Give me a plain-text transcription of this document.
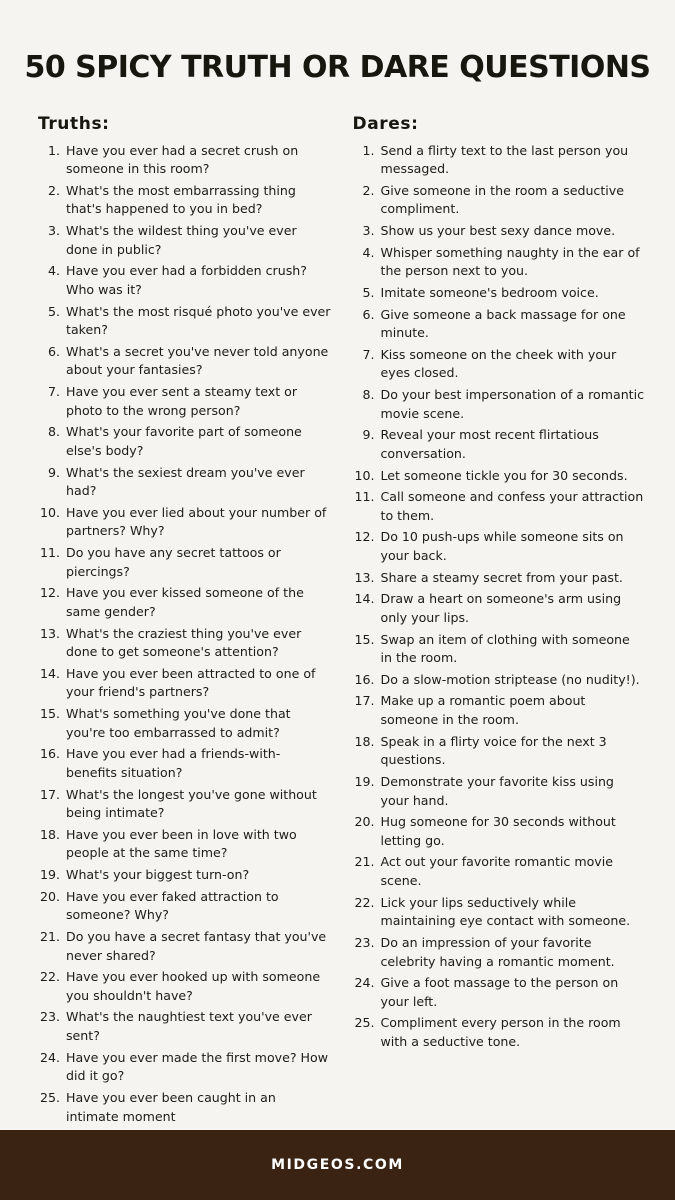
50 SPICY TRUTH OR DARE QUESTIONS
Truths:
1. Have you ever had a secret crush on someone in this room?
2. What's the most embarrassing thing that's happened to you in bed?
3. What's the wildest thing you've ever done in public?
4. Have you ever had a forbidden crush? Who was it?
5. What's the most risqué photo you've ever taken?
6. What's a secret you've never told anyone about your fantasies?
7. Have you ever sent a steamy text or photo to the wrong person?
8. What's your favorite part of someone else's body?
9. What's the sexiest dream you've ever had?
10. Have you ever lied about your number of partners? Why?
11. Do you have any secret tattoos or piercings?
12. Have you ever kissed someone of the same gender?
13. What's the craziest thing you've ever done to get someone's attention?
14. Have you ever been attracted to one of your friend's partners?
15. What's something you've done that you're too embarrassed to admit?
16. Have you ever had a friends-with-benefits situation?
17. What's the longest you've gone without being intimate?
18. Have you ever been in love with two people at the same time?
19. What's your biggest turn-on?
20. Have you ever faked attraction to someone? Why?
21. Do you have a secret fantasy that you've never shared?
22. Have you ever hooked up with someone you shouldn't have?
23. What's the naughtiest text you've ever sent?
24. Have you ever made the first move? How did it go?
25. Have you ever been caught in an intimate moment
Dares:
1. Send a flirty text to the last person you messaged.
2. Give someone in the room a seductive compliment.
3. Show us your best sexy dance move.
4. Whisper something naughty in the ear of the person next to you.
5. Imitate someone's bedroom voice.
6. Give someone a back massage for one minute.
7. Kiss someone on the cheek with your eyes closed.
8. Do your best impersonation of a romantic movie scene.
9. Reveal your most recent flirtatious conversation.
10. Let someone tickle you for 30 seconds.
11. Call someone and confess your attraction to them.
12. Do 10 push-ups while someone sits on your back.
13. Share a steamy secret from your past.
14. Draw a heart on someone's arm using only your lips.
15. Swap an item of clothing with someone in the room.
16. Do a slow-motion striptease (no nudity!).
17. Make up a romantic poem about someone in the room.
18. Speak in a flirty voice for the next 3 questions.
19. Demonstrate your favorite kiss using your hand.
20. Hug someone for 30 seconds without letting go.
21. Act out your favorite romantic movie scene.
22. Lick your lips seductively while maintaining eye contact with someone.
23. Do an impression of your favorite celebrity having a romantic moment.
24. Give a foot massage to the person on your left.
25. Compliment every person in the room with a seductive tone.
MIDGEOS.COM
